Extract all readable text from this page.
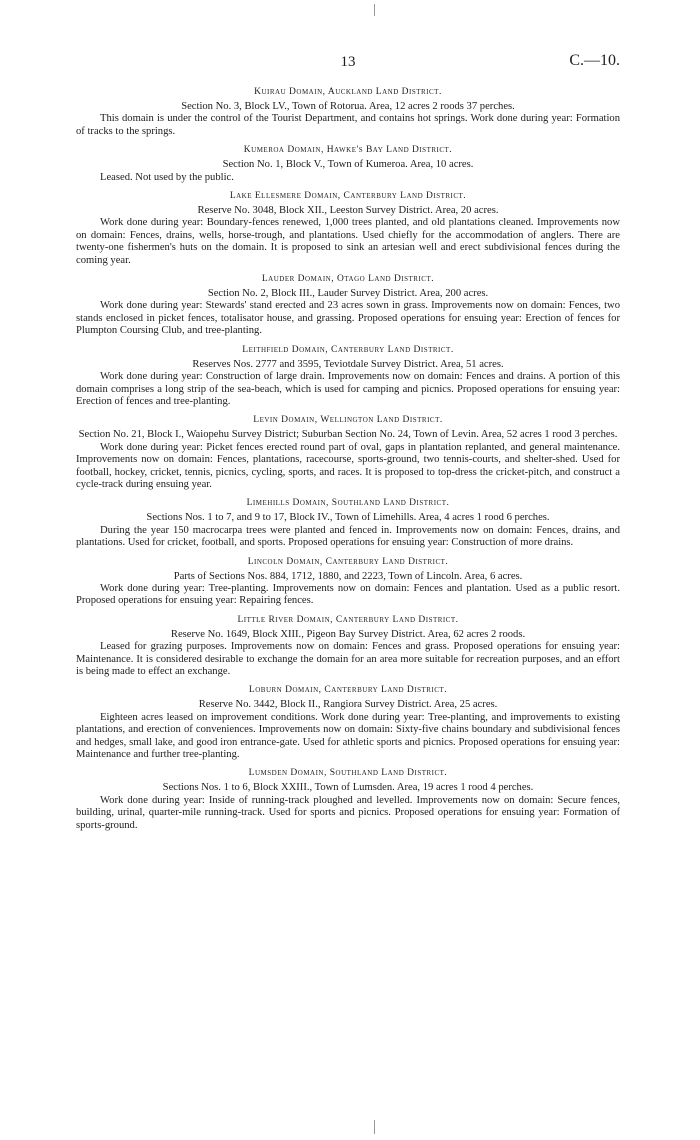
13	C.—10.
Kuirau Domain, Auckland Land District.

Section No. 3, Block LV., Town of Rotorua. Area, 12 acres 2 roods 37 perches.

This domain is under the control of the Tourist Department, and contains hot springs. Work done during year: Formation of tracks to the springs.

Kumeroa Domain, Hawke's Bay Land District.

Section No. 1, Block V., Town of Kumeroa. Area, 10 acres.

Leased. Not used by the public.

Lake Ellesmere Domain, Canterbury Land District.

Reserve No. 3048, Block XII., Leeston Survey District. Area, 20 acres.

Work done during year: Boundary-fences renewed, 1,000 trees planted, and old plantations cleaned. Improvements now on domain: Fences, drains, wells, horse-trough, and plantations. Used chiefly for the accommodation of anglers. There are twenty-one fishermen's huts on the domain. It is proposed to sink an artesian well and erect subdivisional fences during the coming year.

Lauder Domain, Otago Land District.

Section No. 2, Block III., Lauder Survey District. Area, 200 acres.

Work done during year: Stewards' stand erected and 23 acres sown in grass. Improvements now on domain: Fences, two stands enclosed in picket fences, totalisator house, and grassing. Proposed operations for ensuing year: Erection of fences for Plumpton Coursing Club, and tree-planting.

Leithfield Domain, Canterbury Land District.

Reserves Nos. 2777 and 3595, Teviotdale Survey District. Area, 51 acres.

Work done during year: Construction of large drain. Improvements now on domain: Fences and drains. A portion of this domain comprises a long strip of the sea-beach, which is used for camping and picnics. Proposed operations for ensuing year: Erection of fences and tree-planting.

Levin Domain, Wellington Land District.

Section No. 21, Block I., Waiopehu Survey District; Suburban Section No. 24, Town of Levin. Area, 52 acres 1 rood 3 perches.

Work done during year: Picket fences erected round part of oval, gaps in plantation replanted, and general maintenance. Improvements now on domain: Fences, plantations, racecourse, sports-ground, two tennis-courts, and shelter-shed. Used for football, hockey, cricket, tennis, picnics, cycling, sports, and races. It is proposed to top-dress the cricket-pitch, and construct a cycle-track during ensuing year.

Limehills Domain, Southland Land District.

Sections Nos. 1 to 7, and 9 to 17, Block IV., Town of Limehills. Area, 4 acres 1 rood 6 perches.

During the year 150 macrocarpa trees were planted and fenced in. Improvements now on domain: Fences, drains, and plantations. Used for cricket, football, and sports. Proposed operations for ensuing year: Construction of more drains.

Lincoln Domain, Canterbury Land District.

Parts of Sections Nos. 884, 1712, 1880, and 2223, Town of Lincoln. Area, 6 acres.

Work done during year: Tree-planting. Improvements now on domain: Fences and plantation. Used as a public resort. Proposed operations for ensuing year: Repairing fences.

Little River Domain, Canterbury Land District.

Reserve No. 1649, Block XIII., Pigeon Bay Survey District. Area, 62 acres 2 roods.

Leased for grazing purposes. Improvements now on domain: Fences and grass. Proposed operations for ensuing year: Maintenance. It is considered desirable to exchange the domain for an area more suitable for recreation purposes, and an effort is being made to effect an exchange.

Loburn Domain, Canterbury Land District.

Reserve No. 3442, Block II., Rangiora Survey District. Area, 25 acres.

Eighteen acres leased on improvement conditions. Work done during year: Tree-planting, and improvements to existing plantations, and erection of conveniences. Improvements now on domain: Sixty-five chains boundary and subdivisional fences and hedges, small lake, and good iron entrance-gate. Used for athletic sports and picnics. Proposed operations for ensuing year: Maintenance and further tree-planting.

Lumsden Domain, Southland Land District.

Sections Nos. 1 to 6, Block XXIII., Town of Lumsden. Area, 19 acres 1 rood 4 perches.

Work done during year: Inside of running-track ploughed and levelled. Improvements now on domain: Secure fences, building, urinal, quarter-mile running-track. Used for sports and picnics. Proposed operations for ensuing year: Formation of sports-ground.
